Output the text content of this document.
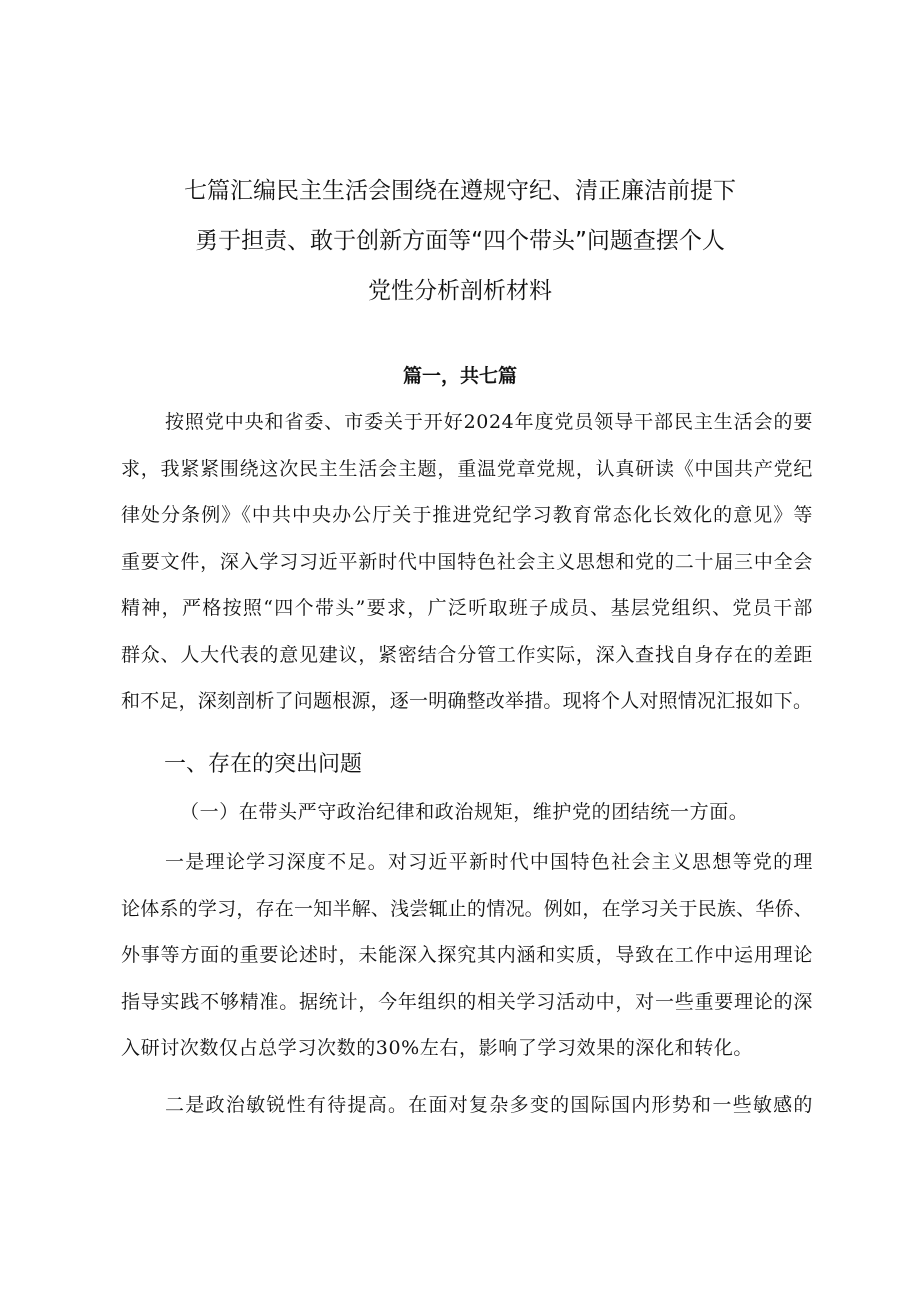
七篇汇编民主生活会围绕在遵规守纪、清正廉洁前提下
勇于担责、敢于创新方面等“四个带头”问题查摆个人
党性分析剖析材料
篇一，共七篇
按照党中央和省委、市委关于开好2024年度党员领导干部民主生活会的要
求，我紧紧围绕这次民主生活会主题，重温党章党规，认真研读《中国共产党纪
律处分条例》《中共中央办公厅关于推进党纪学习教育常态化长效化的意见》等
重要文件，深入学习习近平新时代中国特色社会主义思想和党的二十届三中全会
精神，严格按照“四个带头”要求，广泛听取班子成员、基层党组织、党员干部
群众、人大代表的意见建议，紧密结合分管工作实际，深入查找自身存在的差距
和不足，深刻剖析了问题根源，逐一明确整改举措。现将个人对照情况汇报如下。
一、存在的突出问题
（一）在带头严守政治纪律和政治规矩，维护党的团结统一方面。
一是理论学习深度不足。对习近平新时代中国特色社会主义思想等党的理
论体系的学习，存在一知半解、浅尝辄止的情况。例如，在学习关于民族、华侨、
外事等方面的重要论述时，未能深入探究其内涵和实质，导致在工作中运用理论
指导实践不够精准。据统计，今年组织的相关学习活动中，对一些重要理论的深
入研讨次数仅占总学习次数的30%左右，影响了学习效果的深化和转化。
二是政治敏锐性有待提高。在面对复杂多变的国际国内形势和一些敏感的
